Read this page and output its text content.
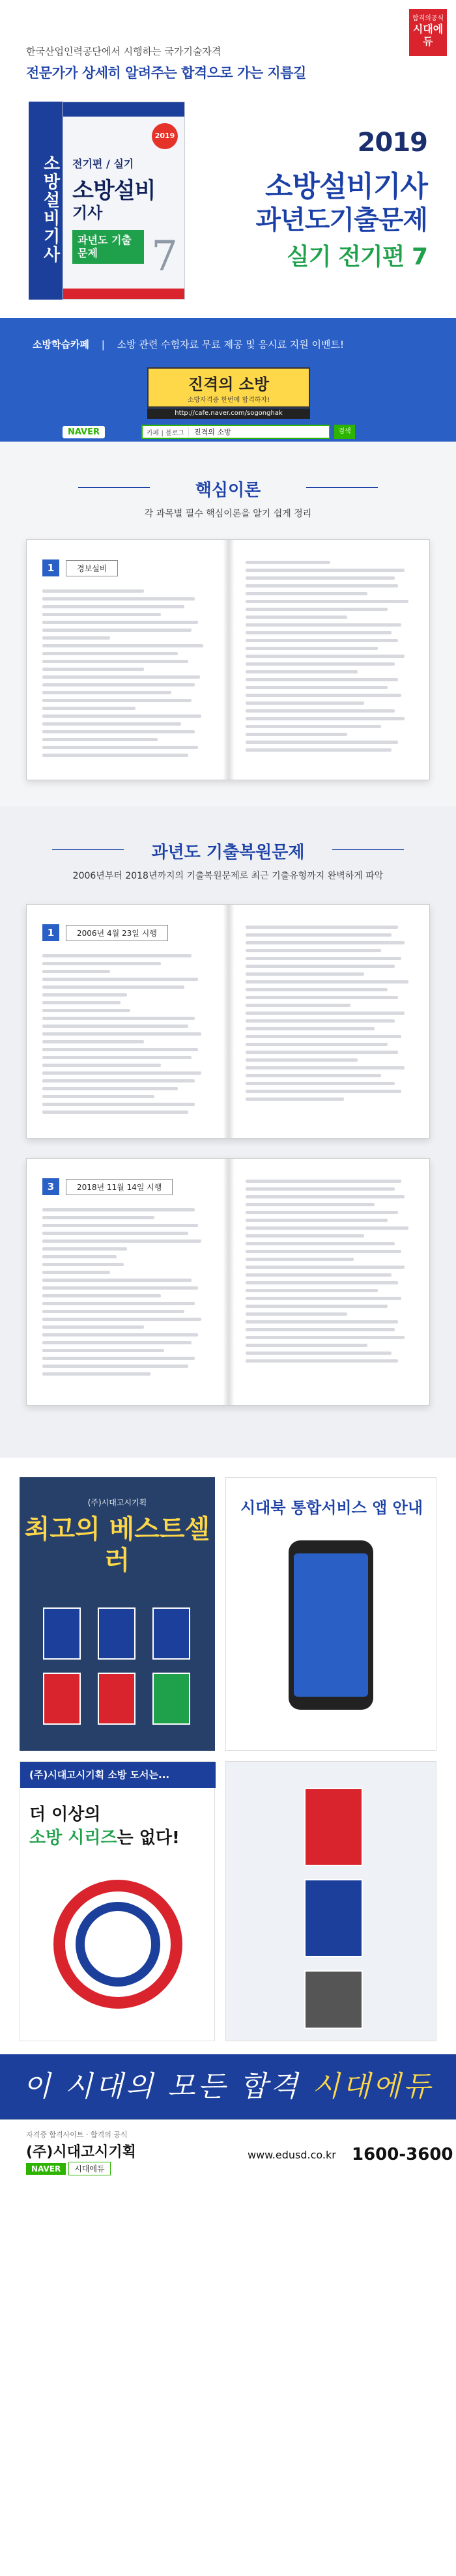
한국산업인력공단에서 시행하는 국가기술자격
전문가가 상세히 알려주는 합격으로 가는 지름길
합격의공식
시대에듀
소방설비기사
2019
전기편 / 실기
소방설비
기사
과년도 기출문제	7
2019
소방설비기사
과년도기출문제
실기 전기편 7
소방학습카페 | 소방 관련 수험자료 무료 제공 및 응시료 지원 이벤트!
진격의 소방
소방자격증 한번에 합격하자!
http://cafe.naver.com/sogonghak
NAVER	카페 | 블로그	진격의 소방	검색
핵심이론
각 과목별 필수 핵심이론을 알기 쉽게 정리
1	경보설비
과년도 기출복원문제
2006년부터 2018년까지의 기출복원문제로 최근 기출유형까지 완벽하게 파악
1	2006년 4월 23일 시행
3	2018년 11월 14일 시행
(주)시대고시기획
최고의 베스트셀러
시대북 통합서비스 앱 안내
(주)시대고시기획 소방 도서는...
더 이상의
소방 시리즈는 없다!
이 시대의 모든 합격 시대에듀
자격증 합격사이트 · 합격의 공식
(주)시대고시기획
NAVER	시대에듀
www.edusd.co.kr 1600-3600
